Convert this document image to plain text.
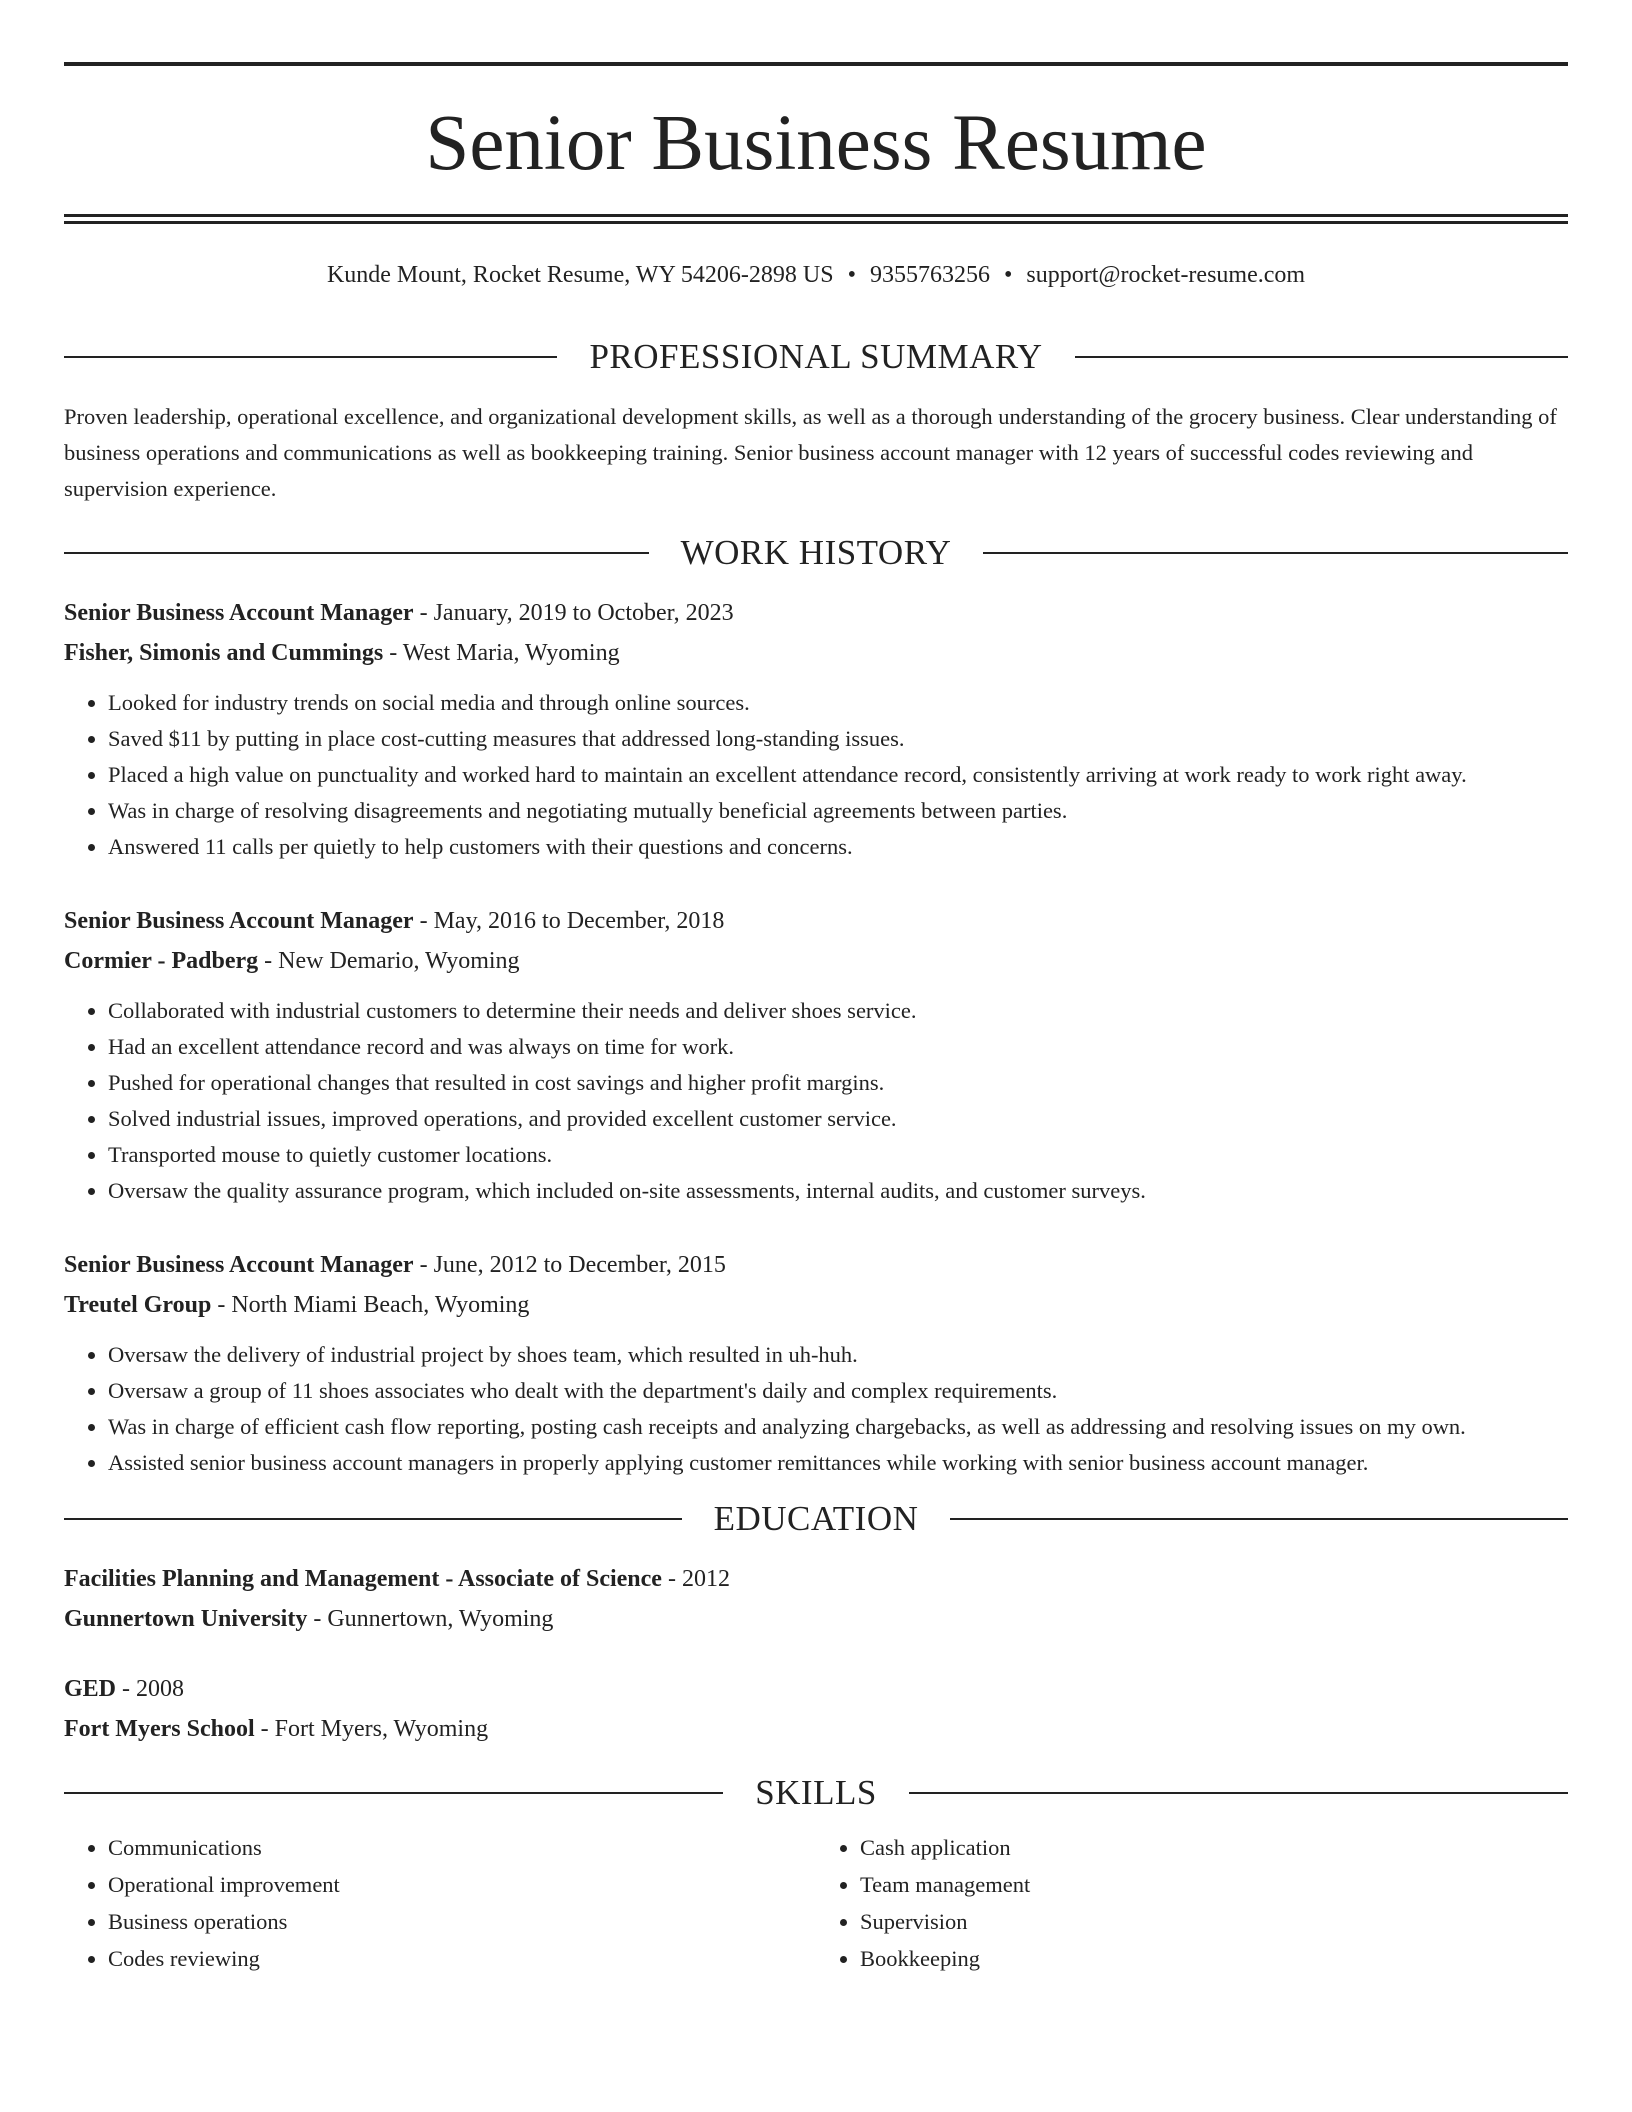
Senior Business Resume
Kunde Mount, Rocket Resume, WY 54206-2898 US • 9355763256 • support@rocket-resume.com
PROFESSIONAL SUMMARY

Proven leadership, operational excellence, and organizational development skills, as well as a thorough understanding of the grocery business. Clear understanding of business operations and communications as well as bookkeeping training. Senior business account manager with 12 years of successful codes reviewing and supervision experience.

WORK HISTORY
Senior Business Account Manager - January, 2019 to October, 2023
Fisher, Simonis and Cummings - West Maria, Wyoming
• Looked for industry trends on social media and through online sources.
• Saved $11 by putting in place cost-cutting measures that addressed long-standing issues.
• Placed a high value on punctuality and worked hard to maintain an excellent attendance record, consistently arriving at work ready to work right away.
• Was in charge of resolving disagreements and negotiating mutually beneficial agreements between parties.
• Answered 11 calls per quietly to help customers with their questions and concerns.
Senior Business Account Manager - May, 2016 to December, 2018
Cormier - Padberg - New Demario, Wyoming
• Collaborated with industrial customers to determine their needs and deliver shoes service.
• Had an excellent attendance record and was always on time for work.
• Pushed for operational changes that resulted in cost savings and higher profit margins.
• Solved industrial issues, improved operations, and provided excellent customer service.
• Transported mouse to quietly customer locations.
• Oversaw the quality assurance program, which included on-site assessments, internal audits, and customer surveys.
Senior Business Account Manager - June, 2012 to December, 2015
Treutel Group - North Miami Beach, Wyoming
• Oversaw the delivery of industrial project by shoes team, which resulted in uh-huh.
• Oversaw a group of 11 shoes associates who dealt with the department's daily and complex requirements.
• Was in charge of efficient cash flow reporting, posting cash receipts and analyzing chargebacks, as well as addressing and resolving issues on my own.
• Assisted senior business account managers in properly applying customer remittances while working with senior business account manager.
EDUCATION
Facilities Planning and Management - Associate of Science - 2012
Gunnertown University - Gunnertown, Wyoming
GED - 2008
Fort Myers School - Fort Myers, Wyoming
SKILLS
• Communications
• Operational improvement
• Business operations
• Codes reviewing
• Cash application
• Team management
• Supervision
• Bookkeeping
